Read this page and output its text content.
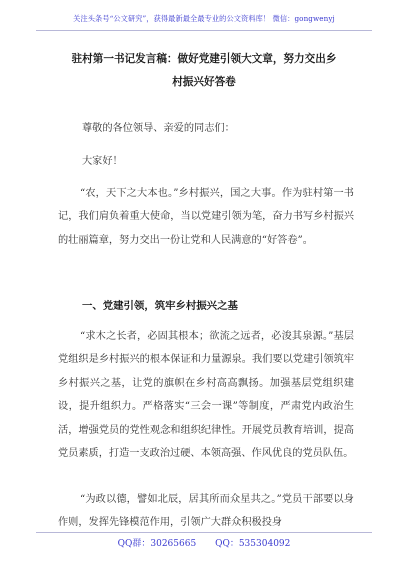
关注头条号“公文研究”，获得最新最全最专业的公文资料库！ 微信：gongwenyj
驻村第一书记发言稿：做好党建引领大文章，努力交出乡
村振兴好答卷
尊敬的各位领导、亲爱的同志们：
大家好！
“农，天下之大本也。”乡村振兴，国之大事。作为驻村第一书记，我们肩负着重大使命，当以党建引领为笔，奋力书写乡村振兴的壮丽篇章，努力交出一份让党和人民满意的“好答卷”。
一、党建引领，筑牢乡村振兴之基
“求木之长者，必固其根本；欲流之远者，必浚其泉源。”基层党组织是乡村振兴的根本保证和力量源泉。我们要以党建引领筑牢乡村振兴之基，让党的旗帜在乡村高高飘扬。加强基层党组织建设，提升组织力。严格落实“三会一课”等制度，严肃党内政治生活，增强党员的党性观念和组织纪律性。开展党员教育培训，提高党员素质，打造一支政治过硬、本领高强、作风优良的党员队伍。
“为政以德，譬如北辰，居其所而众星共之。”党员干部要以身作则，发挥先锋模范作用，引领广大群众积极投身
QQ群：30265665 QQ：535304092
